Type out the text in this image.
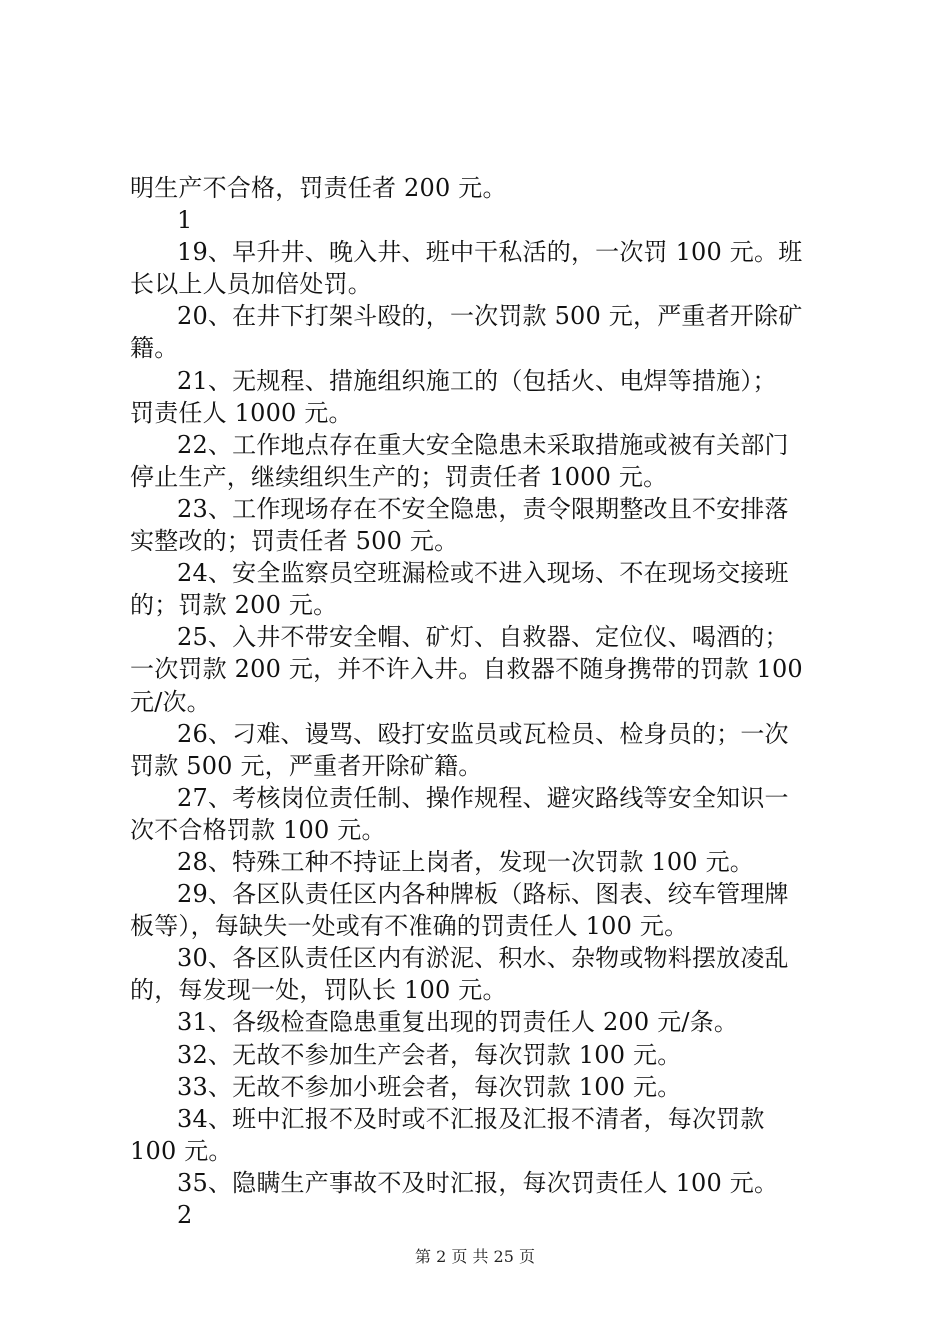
明生产不合格，罚责任者 200 元。
1
19、早升井、晚入井、班中干私活的，一次罚 100 元。班
长以上人员加倍处罚。
20、在井下打架斗殴的，一次罚款 500 元，严重者开除矿
籍。
21、无规程、措施组织施工的（包括火、电焊等措施）；
罚责任人 1000 元。
22、工作地点存在重大安全隐患未采取措施或被有关部门
停止生产，继续组织生产的；罚责任者 1000 元。
23、工作现场存在不安全隐患，责令限期整改且不安排落
实整改的；罚责任者 500 元。
24、安全监察员空班漏检或不进入现场、不在现场交接班
的；罚款 200 元。
25、入井不带安全帽、矿灯、自救器、定位仪、喝酒的；
一次罚款 200 元，并不许入井。自救器不随身携带的罚款 100
元/次。
26、刁难、谩骂、殴打安监员或瓦检员、检身员的；一次
罚款 500 元，严重者开除矿籍。
27、考核岗位责任制、操作规程、避灾路线等安全知识一
次不合格罚款 100 元。
28、特殊工种不持证上岗者，发现一次罚款 100 元。
29、各区队责任区内各种牌板（路标、图表、绞车管理牌
板等），每缺失一处或有不准确的罚责任人 100 元。
30、各区队责任区内有淤泥、积水、杂物或物料摆放凌乱
的，每发现一处，罚队长 100 元。
31、各级检查隐患重复出现的罚责任人 200 元/条。
32、无故不参加生产会者，每次罚款 100 元。
33、无故不参加小班会者，每次罚款 100 元。
34、班中汇报不及时或不汇报及汇报不清者，每次罚款
100 元。
35、隐瞒生产事故不及时汇报，每次罚责任人 100 元。
2
第 2 页 共 25 页
